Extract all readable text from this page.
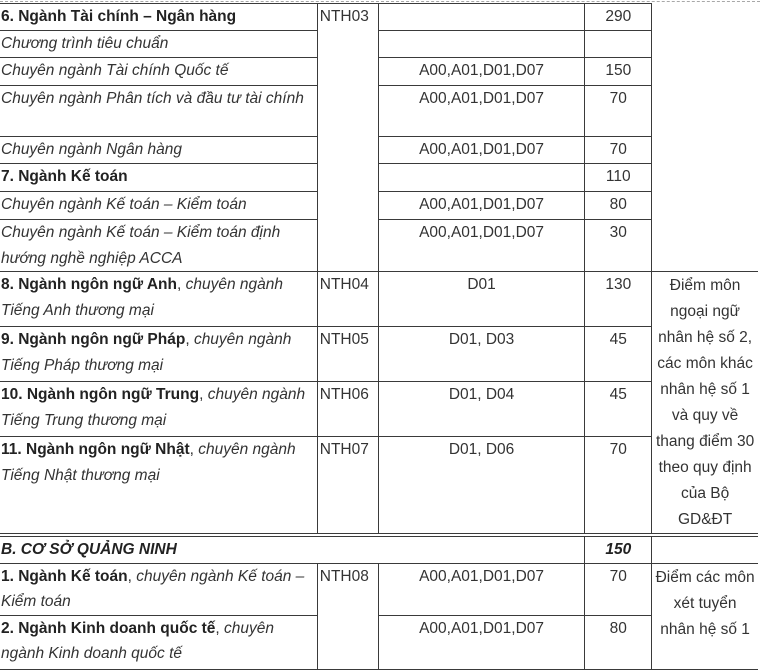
6. Ngành Tài chính – Ngân hàng	NTH03		290	
Chương trình tiêu chuẩn				
Chuyên ngành Tài chính Quốc tế		A00,A01,D01,D07	150	
Chuyên ngành Phân tích và đầu tư tài chính		A00,A01,D01,D07	70	
Chuyên ngành Ngân hàng		A00,A01,D01,D07	70	
7. Ngành Kế toán			110	
Chuyên ngành Kế toán – Kiểm toán		A00,A01,D01,D07	80	
Chuyên ngành Kế toán – Kiểm toán định hướng nghề nghiệp ACCA		A00,A01,D01,D07	30	
8. Ngành ngôn ngữ Anh, chuyên ngành Tiếng Anh thương mại	NTH04	D01	130	Điểm môn ngoại ngữ nhân hệ số 2, các môn khác nhân hệ số 1 và quy về thang điểm 30 theo quy định của Bộ GD&ĐT
9. Ngành ngôn ngữ Pháp, chuyên ngành Tiếng Pháp thương mại	NTH05	D01, D03	45	
10. Ngành ngôn ngữ Trung, chuyên ngành Tiếng Trung thương mại	NTH06	D01, D04	45	
11. Ngành ngôn ngữ Nhật, chuyên ngành Tiếng Nhật thương mại	NTH07	D01, D06	70	
B. CƠ SỞ QUẢNG NINH			150	
1. Ngành Kế toán, chuyên ngành Kế toán – Kiểm toán	NTH08	A00,A01,D01,D07	70	Điểm các môn xét tuyển nhân hệ số 1
2. Ngành Kinh doanh quốc tế, chuyên ngành Kinh doanh quốc tế		A00,A01,D01,D07	80	
